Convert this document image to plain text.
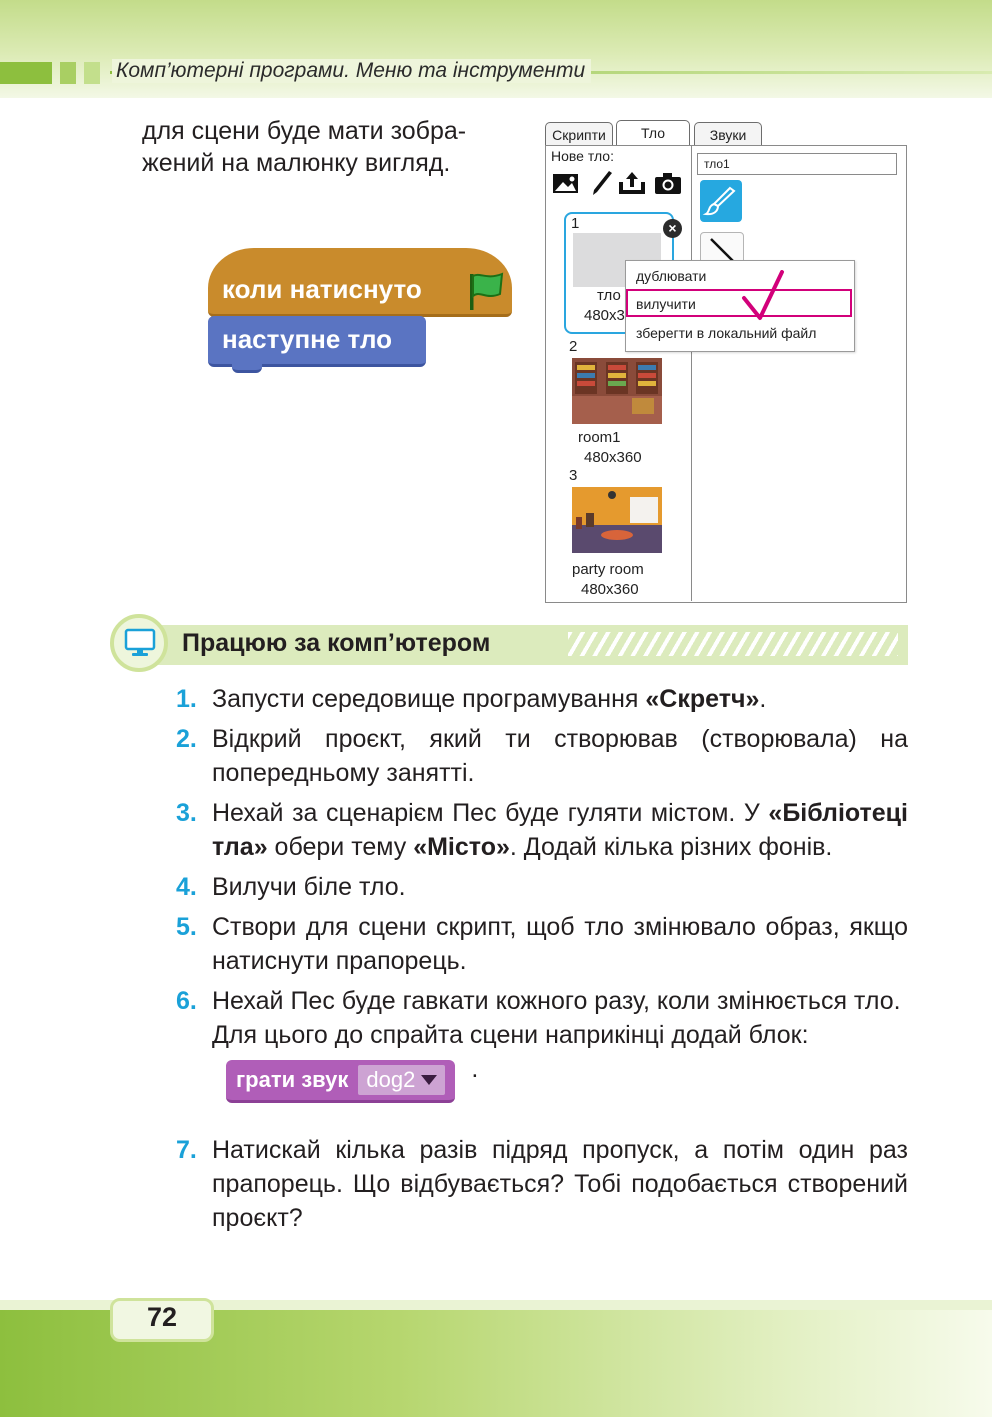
Комп’ютерні програми. Меню та інструменти
для сцени буде мати зобра-
жений на малюнку вигляд.
коли натиснуто
наступне тло
Скрипти	Тло	Звуки
Нове тло:	тло1
1	×
тло
480x3
2
room1
480x360
3
party room
480x360
дублювати
вилучити
зберегти в локальний файл
Працюю за комп’ютером
1. Запусти середовище програмування «Скретч».
2. Відкрий проєкт, який ти створював (створювала) на попередньому занятті.
3. Нехай за сценарієм Пес буде гуляти містом. У «Бібліотеці тла» обери тему «Місто». Додай кілька різних фонів.
4. Вилучи біле тло.
5. Створи для сцени скрипт, щоб тло змінювало образ, якщо натиснути прапорець.
6. Нехай Пес буде гавкати кожного разу, коли змінюється тло. Для цього до спрайта сцени наприкінці додай блок:грати звук dog2 .
7. Натискай кілька разів підряд пропуск, а потім один раз прапорець. Що відбувається? Тобі подобається створений проєкт?
72
